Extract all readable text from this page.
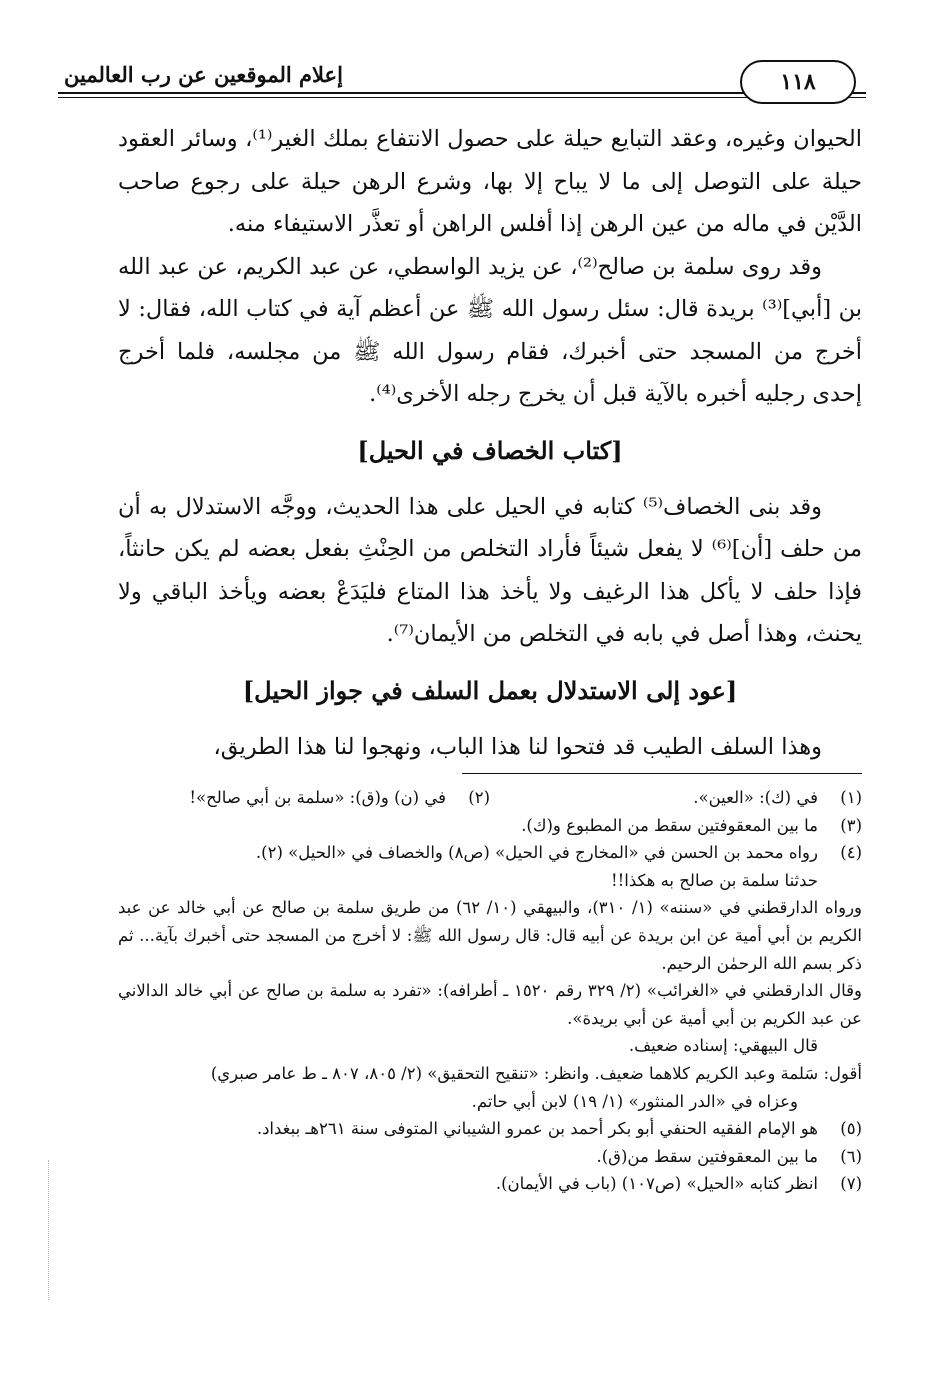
١١٨
إعلام الموقعين عن رب العالمين

الحيوان وغيره، وعقد التبايع حيلة على حصول الانتفاع بملك الغير⁽¹⁾، وسائر العقود حيلة على التوصل إلى ما لا يباح إلا بها، وشرع الرهن حيلة على رجوع صاحب الدَّيْن في ماله من عين الرهن إذا أفلس الراهن أو تعذَّر الاستيفاء منه.

وقد روى سلمة بن صالح⁽²⁾، عن يزيد الواسطي، عن عبد الكريم، عن عبد الله بن [أبي]⁽³⁾ بريدة قال: سئل رسول الله ﷺ عن أعظم آية في كتاب الله، فقال: لا أخرج من المسجد حتى أخبرك، فقام رسول الله ﷺ من مجلسه، فلما أخرج إحدى رجليه أخبره بالآية قبل أن يخرج رجله الأخرى⁽⁴⁾.

[كتاب الخصاف في الحيل]

وقد بنى الخصاف⁽⁵⁾ كتابه في الحيل على هذا الحديث، ووجَّه الاستدلال به أن من حلف [أن]⁽⁶⁾ لا يفعل شيئاً فأراد التخلص من الحِنْثِ بفعل بعضه لم يكن حانثاً، فإذا حلف لا يأكل هذا الرغيف ولا يأخذ هذا المتاع فليَدَعْ بعضه ويأخذ الباقي ولا يحنث، وهذا أصل في بابه في التخلص من الأيمان⁽⁷⁾.

[عود إلى الاستدلال بعمل السلف في جواز الحيل]

وهذا السلف الطيب قد فتحوا لنا هذا الباب، ونهجوا لنا هذا الطريق،

(١)
في (ك): «العين».
(٢)
في (ن) و(ق): «سلمة بن أبي صالح»!
(٣)
ما بين المعقوفتين سقط من المطبوع و(ك).
(٤)
رواه محمد بن الحسن في «المخارج في الحيل» (ص٨) والخصاف في «الحيل» (٢).
حدثنا سلمة بن صالح به هكذا!!
ورواه الدارقطني في «سننه» (١/ ٣١٠)، والبيهقي (١٠/ ٦٢) من طريق سلمة بن صالح عن أبي خالد عن عبد الكريم بن أبي أمية عن ابن بريدة عن أبيه قال: قال رسول الله ﷺ: لا أخرج من المسجد حتى أخبرك بآية... ثم ذكر بسم الله الرحمٰن الرحيم.
وقال الدارقطني في «الغرائب» (٢/ ٣٢٩ رقم ١٥٢٠ ـ أطرافه): «تفرد به سلمة بن صالح عن أبي خالد الدالاني عن عبد الكريم بن أبي أمية عن أبي بريدة».
قال البيهقي: إسناده ضعيف.
أقول: سَلمة وعبد الكريم كلاهما ضعيف. وانظر: «تنقيح التحقيق» (٢/ ٨٠٥، ٨٠٧ ـ ط عامر صبري)
وعزاه في «الدر المنثور» (١/ ١٩) لابن أبي حاتم.
(٥)
هو الإمام الفقيه الحنفي أبو بكر أحمد بن عمرو الشيباني المتوفى سنة ٢٦١هـ ببغداد.
(٦)
ما بين المعقوفتين سقط من(ق).
(٧)
انظر كتابه «الحيل» (ص١٠٧) (باب في الأيمان).
